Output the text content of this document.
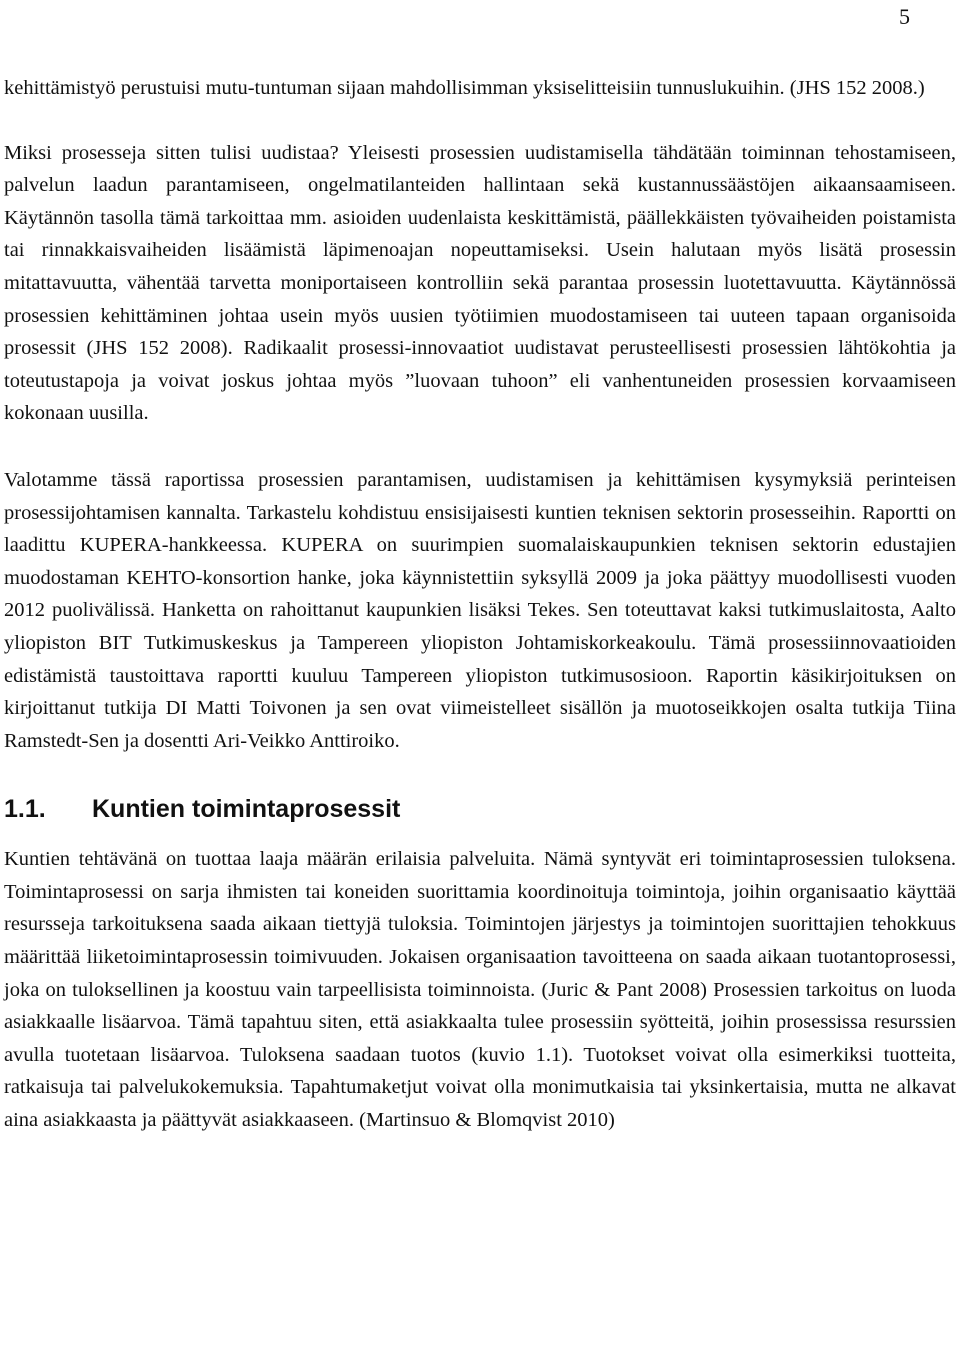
5

kehittämistyö perustuisi mutu-tuntuman sijaan mahdollisimman yksiselitteisiin tunnuslukuihin. (JHS 152 2008.)

Miksi prosesseja sitten tulisi uudistaa? Yleisesti prosessien uudistamisella tähdätään toiminnan tehostamiseen, palvelun laadun parantamiseen, ongelmatilanteiden hallintaan sekä kustannussäästöjen aikaansaamiseen. Käytännön tasolla tämä tarkoittaa mm. asioiden uudenlaista keskittämistä, päällekkäisten työvaiheiden poistamista tai rinnakkaisvaiheiden lisäämistä läpimenoajan nopeuttamiseksi. Usein halutaan myös lisätä prosessin mitattavuutta, vähentää tarvetta moniportaiseen kontrolliin sekä parantaa prosessin luotettavuutta. Käytännössä prosessien kehittäminen johtaa usein myös uusien työtiimien muodostamiseen tai uuteen tapaan organisoida prosessit (JHS 152 2008). Radikaalit prosessi-innovaatiot uudistavat perusteellisesti prosessien lähtökohtia ja toteutustapoja ja voivat joskus johtaa myös ”luovaan tuhoon” eli vanhentuneiden prosessien korvaamiseen kokonaan uusilla.

Valotamme tässä raportissa prosessien parantamisen, uudistamisen ja kehittämisen kysymyksiä perinteisen prosessijohtamisen kannalta. Tarkastelu kohdistuu ensisijaisesti kuntien teknisen sektorin prosesseihin. Raportti on laadittu KUPERA-hankkeessa. KUPERA on suurimpien suomalaiskaupunkien teknisen sektorin edustajien muodostaman KEHTO-konsortion hanke, joka käynnistettiin syksyllä 2009 ja joka päättyy muodollisesti vuoden 2012 puolivälissä. Hanketta on rahoittanut kaupunkien lisäksi Tekes. Sen toteuttavat kaksi tutkimuslaitosta, Aalto yliopiston BIT Tutkimuskeskus ja Tampereen yliopiston Johtamiskorkeakoulu. Tämä prosessiinnovaatioiden edistämistä taustoittava raportti kuuluu Tampereen yliopiston tutkimusosioon. Raportin käsikirjoituksen on kirjoittanut tutkija DI Matti Toivonen ja sen ovat viimeistelleet sisällön ja muotoseikkojen osalta tutkija Tiina Ramstedt-Sen ja dosentti Ari-Veikko Anttiroiko.

1.1. Kuntien toimintaprosessit

Kuntien tehtävänä on tuottaa laaja määrän erilaisia palveluita. Nämä syntyvät eri toimintaprosessien tuloksena. Toimintaprosessi on sarja ihmisten tai koneiden suorittamia koordinoituja toimintoja, joihin organisaatio käyttää resursseja tarkoituksena saada aikaan tiettyjä tuloksia. Toimintojen järjestys ja toimintojen suorittajien tehokkuus määrittää liiketoimintaprosessin toimivuuden. Jokaisen organisaation tavoitteena on saada aikaan tuotantoprosessi, joka on tuloksellinen ja koostuu vain tarpeellisista toiminnoista. (Juric & Pant 2008) Prosessien tarkoitus on luoda asiakkaalle lisäarvoa. Tämä tapahtuu siten, että asiakkaalta tulee prosessiin syötteitä, joihin prosessissa resurssien avulla tuotetaan lisäarvoa. Tuloksena saadaan tuotos (kuvio 1.1). Tuotokset voivat olla esimerkiksi tuotteita, ratkaisuja tai palvelukokemuksia. Tapahtumaketjut voivat olla monimutkaisia tai yksinkertaisia, mutta ne alkavat aina asiakkaasta ja päättyvät asiakkaaseen. (Martinsuo & Blomqvist 2010)
